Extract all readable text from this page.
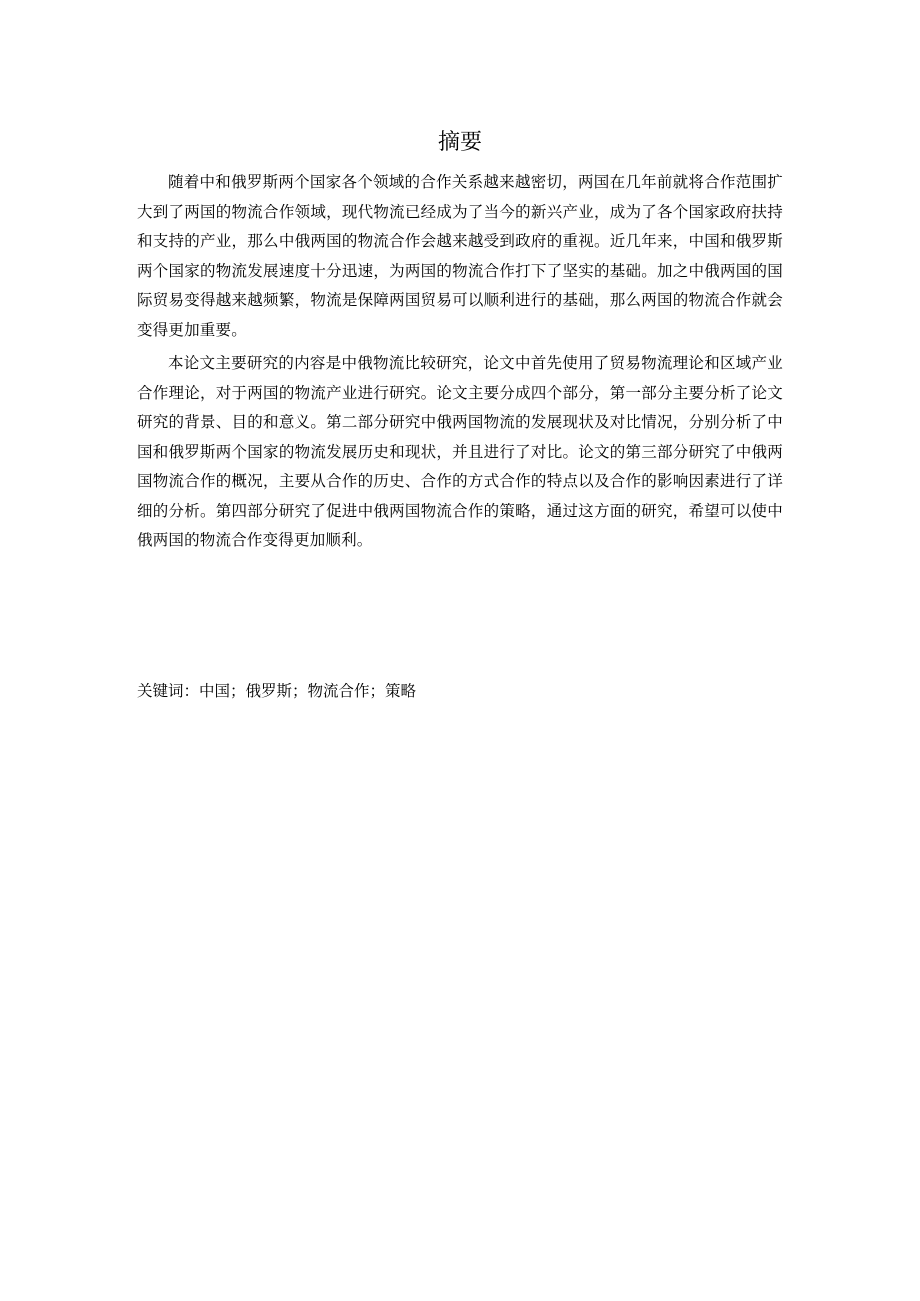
摘要

随着中和俄罗斯两个国家各个领域的合作关系越来越密切，两国在几年前就将合作范围扩大到了两国的物流合作领域，现代物流已经成为了当今的新兴产业，成为了各个国家政府扶持和支持的产业，那么中俄两国的物流合作会越来越受到政府的重视。近几年来，中国和俄罗斯两个国家的物流发展速度十分迅速，为两国的物流合作打下了坚实的基础。加之中俄两国的国际贸易变得越来越频繁，物流是保障两国贸易可以顺利进行的基础，那么两国的物流合作就会变得更加重要。

本论文主要研究的内容是中俄物流比较研究，论文中首先使用了贸易物流理论和区域产业合作理论，对于两国的物流产业进行研究。论文主要分成四个部分，第一部分主要分析了论文研究的背景、目的和意义。第二部分研究中俄两国物流的发展现状及对比情况，分别分析了中国和俄罗斯两个国家的物流发展历史和现状，并且进行了对比。论文的第三部分研究了中俄两国物流合作的概况，主要从合作的历史、合作的方式合作的特点以及合作的影响因素进行了详细的分析。第四部分研究了促进中俄两国物流合作的策略，通过这方面的研究，希望可以使中俄两国的物流合作变得更加顺利。

关键词：中国；俄罗斯；物流合作；策略
